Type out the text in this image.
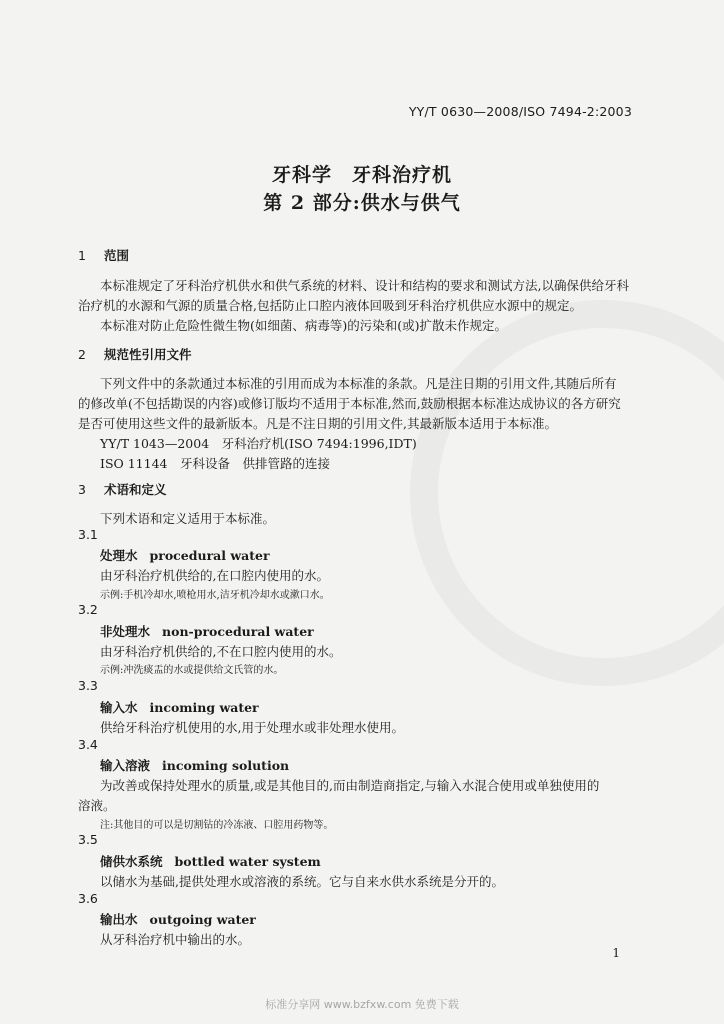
YY/T 0630—2008/ISO 7494-2:2003
牙科学　牙科治疗机
第 2 部分:供水与供气
1 范围
本标准规定了牙科治疗机供水和供气系统的材料、设计和结构的要求和测试方法,以确保供给牙科
治疗机的水源和气源的质量合格,包括防止口腔内液体回吸到牙科治疗机供应水源中的规定。
本标准对防止危险性微生物(如细菌、病毒等)的污染和(或)扩散未作规定。
2 规范性引用文件
下列文件中的条款通过本标准的引用而成为本标准的条款。凡是注日期的引用文件,其随后所有
的修改单(不包括勘误的内容)或修订版均不适用于本标准,然而,鼓励根据本标准达成协议的各方研究
是否可使用这些文件的最新版本。凡是不注日期的引用文件,其最新版本适用于本标准。
YY/T 1043—2004　牙科治疗机(ISO 7494:1996,IDT)
ISO 11144　牙科设备　供排管路的连接
3 术语和定义
下列术语和定义适用于本标准。
3.1
处理水 procedural water
由牙科治疗机供给的,在口腔内使用的水。
示例:手机冷却水,喷枪用水,洁牙机冷却水或漱口水。
3.2
非处理水 non-procedural water
由牙科治疗机供给的,不在口腔内使用的水。
示例:冲洗痰盂的水或提供给文氏管的水。
3.3
输入水 incoming water
供给牙科治疗机使用的水,用于处理水或非处理水使用。
3.4
输入溶液 incoming solution
为改善或保持处理水的质量,或是其他目的,而由制造商指定,与输入水混合使用或单独使用的
溶液。
注:其他目的可以是切割钻的冷冻液、口腔用药物等。
3.5
储供水系统 bottled water system
以储水为基础,提供处理水或溶液的系统。它与自来水供水系统是分开的。
3.6
输出水 outgoing water
从牙科治疗机中输出的水。
1
标准分享网 www.bzfxw.com 免费下载
